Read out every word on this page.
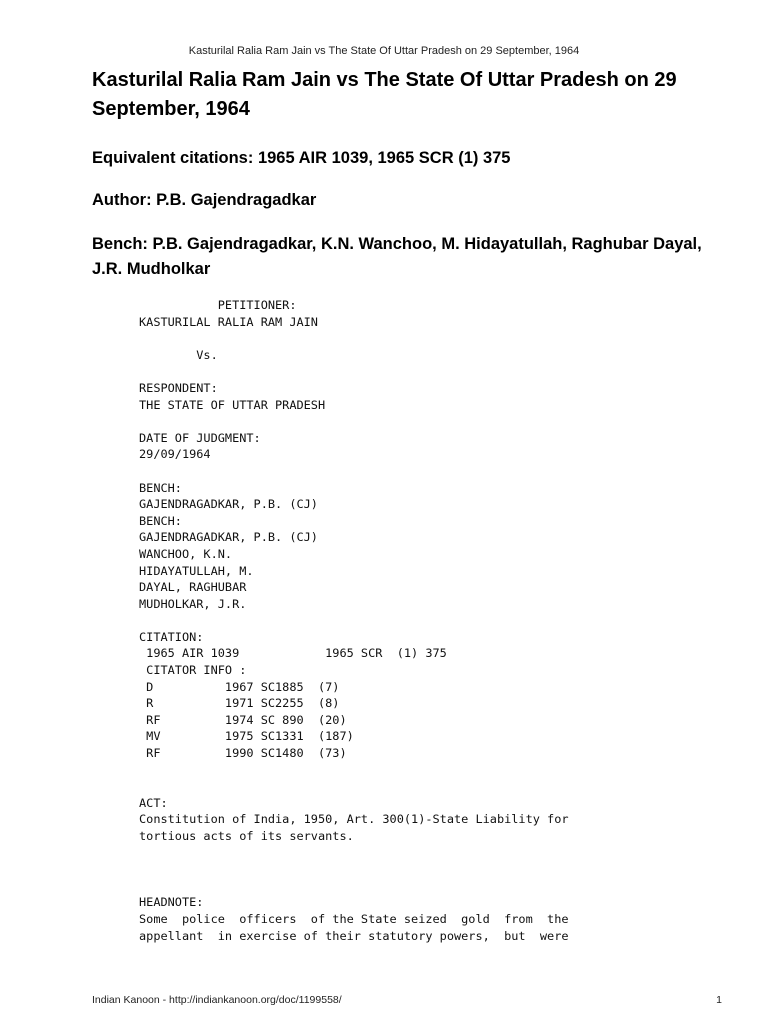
Kasturilal Ralia Ram Jain vs The State Of Uttar Pradesh on 29 September, 1964
Kasturilal Ralia Ram Jain vs The State Of Uttar Pradesh on 29 September, 1964
Equivalent citations: 1965 AIR 1039, 1965 SCR (1) 375
Author: P.B. Gajendragadkar
Bench: P.B. Gajendragadkar, K.N. Wanchoo, M. Hidayatullah, Raghubar Dayal, J.R. Mudholkar
PETITIONER:
KASTURILAL RALIA RAM JAIN

Vs.

RESPONDENT:
THE STATE OF UTTAR PRADESH

DATE OF JUDGMENT:
29/09/1964

BENCH:
GAJENDRAGADKAR, P.B. (CJ)
BENCH:
GAJENDRAGADKAR, P.B. (CJ)
WANCHOO, K.N.
HIDAYATULLAH, M.
DAYAL, RAGHUBAR
MUDHOLKAR, J.R.

CITATION:
1965 AIR 1039            1965 SCR  (1) 375
CITATOR INFO :
D          1967 SC1885  (7)
R          1971 SC2255  (8)
RF         1974 SC 890  (20)
MV         1975 SC1331  (187)
RF         1990 SC1480  (73)

ACT:
Constitution of India, 1950, Art. 300(1)-State Liability for
tortious acts of its servants.

HEADNOTE:
Some  police  officers  of the State seized  gold  from  the
appellant  in exercise of their statutory powers,  but  were
Indian Kanoon - http://indiankanoon.org/doc/1199558/	1
